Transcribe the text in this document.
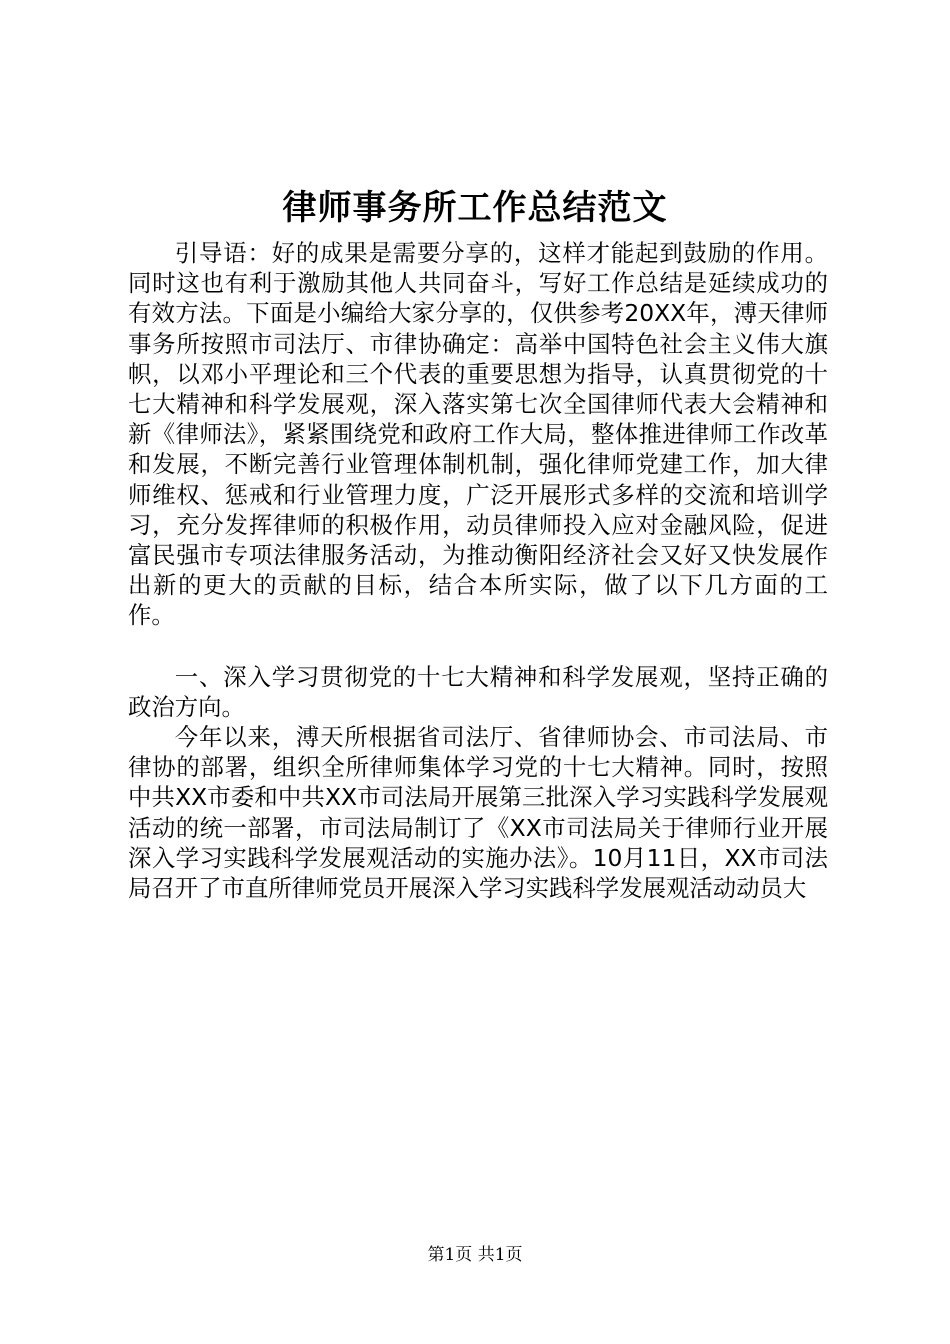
律师事务所工作总结范文

引导语：好的成果是需要分享的，这样才能起到鼓励的作用。同时这也有利于激励其他人共同奋斗，写好工作总结是延续成功的有效方法。下面是小编给大家分享的，仅供参考20XX年，溥天律师事务所按照市司法厅、市律协确定：高举中国特色社会主义伟大旗帜，以邓小平理论和三个代表的重要思想为指导，认真贯彻党的十七大精神和科学发展观，深入落实第七次全国律师代表大会精神和新《律师法》，紧紧围绕党和政府工作大局，整体推进律师工作改革和发展，不断完善行业管理体制机制，强化律师党建工作，加大律师维权、惩戒和行业管理力度，广泛开展形式多样的交流和培训学习，充分发挥律师的积极作用，动员律师投入应对金融风险，促进富民强市专项法律服务活动，为推动衡阳经济社会又好又快发展作出新的更大的贡献的目标，结合本所实际，做了以下几方面的工作。

一、深入学习贯彻党的十七大精神和科学发展观，坚持正确的政治方向。

今年以来，溥天所根据省司法厅、省律师协会、市司法局、市律协的部署，组织全所律师集体学习党的十七大精神。同时，按照中共XX市委和中共XX市司法局开展第三批深入学习实践科学发展观活动的统一部署，市司法局制订了《XX市司法局关于律师行业开展深入学习实践科学发展观活动的实施办法》。10月11日，XX市司法局召开了市直所律师党员开展深入学习实践科学发展观活动动员大

第1页 共1页
